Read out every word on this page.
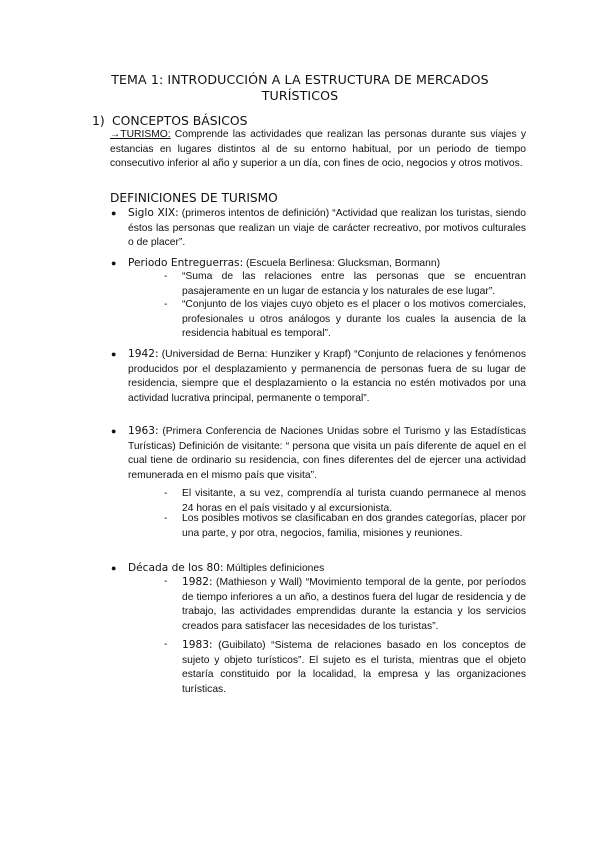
TEMA 1: INTRODUCCIÓN A LA ESTRUCTURA DE MERCADOS TURÍSTICOS
1) CONCEPTOS BÁSICOS
→TURISMO: Comprende las actividades que realizan las personas durante sus viajes y estancias en lugares distintos al de su entorno habitual, por un periodo de tiempo consecutivo inferior al año y superior a un día, con fines de ocio, negocios y otros motivos.
DEFINICIONES DE TURISMO
● Siglo XIX: (primeros intentos de definición) “Actividad que realizan los turistas, siendo éstos las personas que realizan un viaje de carácter recreativo, por motivos culturales o de placer”.
● Periodo Entreguerras: (Escuela Berlinesa: Glucksman, Bormann)
- “Suma de las relaciones entre las personas que se encuentran pasajeramente en un lugar de estancia y los naturales de ese lugar”.
- “Conjunto de los viajes cuyo objeto es el placer o los motivos comerciales, profesionales u otros análogos y durante los cuales la ausencia de la residencia habitual es temporal”.
● 1942: (Universidad de Berna: Hunziker y Krapf) “Conjunto de relaciones y fenómenos producidos por el desplazamiento y permanencia de personas fuera de su lugar de residencia, siempre que el desplazamiento o la estancia no estén motivados por una actividad lucrativa principal, permanente o temporal”.
● 1963: (Primera Conferencia de Naciones Unidas sobre el Turismo y las Estadísticas Turísticas) Definición de visitante: “ persona que visita un país diferente de aquel en el cual tiene de ordinario su residencia, con fines diferentes del de ejercer una actividad remunerada en el mismo país que visita”.
- El visitante, a su vez, comprendía al turista cuando permanece al menos 24 horas en el país visitado y al excursionista.
- Los posibles motivos se clasificaban en dos grandes categorías, placer por una parte, y por otra, negocios, familia, misiones y reuniones.
● Década de los 80: Múltiples definiciones
- 1982: (Mathieson y Wall) “Movimiento temporal de la gente, por períodos de tiempo inferiores a un año, a destinos fuera del lugar de residencia y de trabajo, las actividades emprendidas durante la estancia y los servicios creados para satisfacer las necesidades de los turistas”.
- 1983: (Guibilato) “Sistema de relaciones basado en los conceptos de sujeto y objeto turísticos”. El sujeto es el turista, mientras que el objeto estaría constituido por la localidad, la empresa y las organizaciones turísticas.
